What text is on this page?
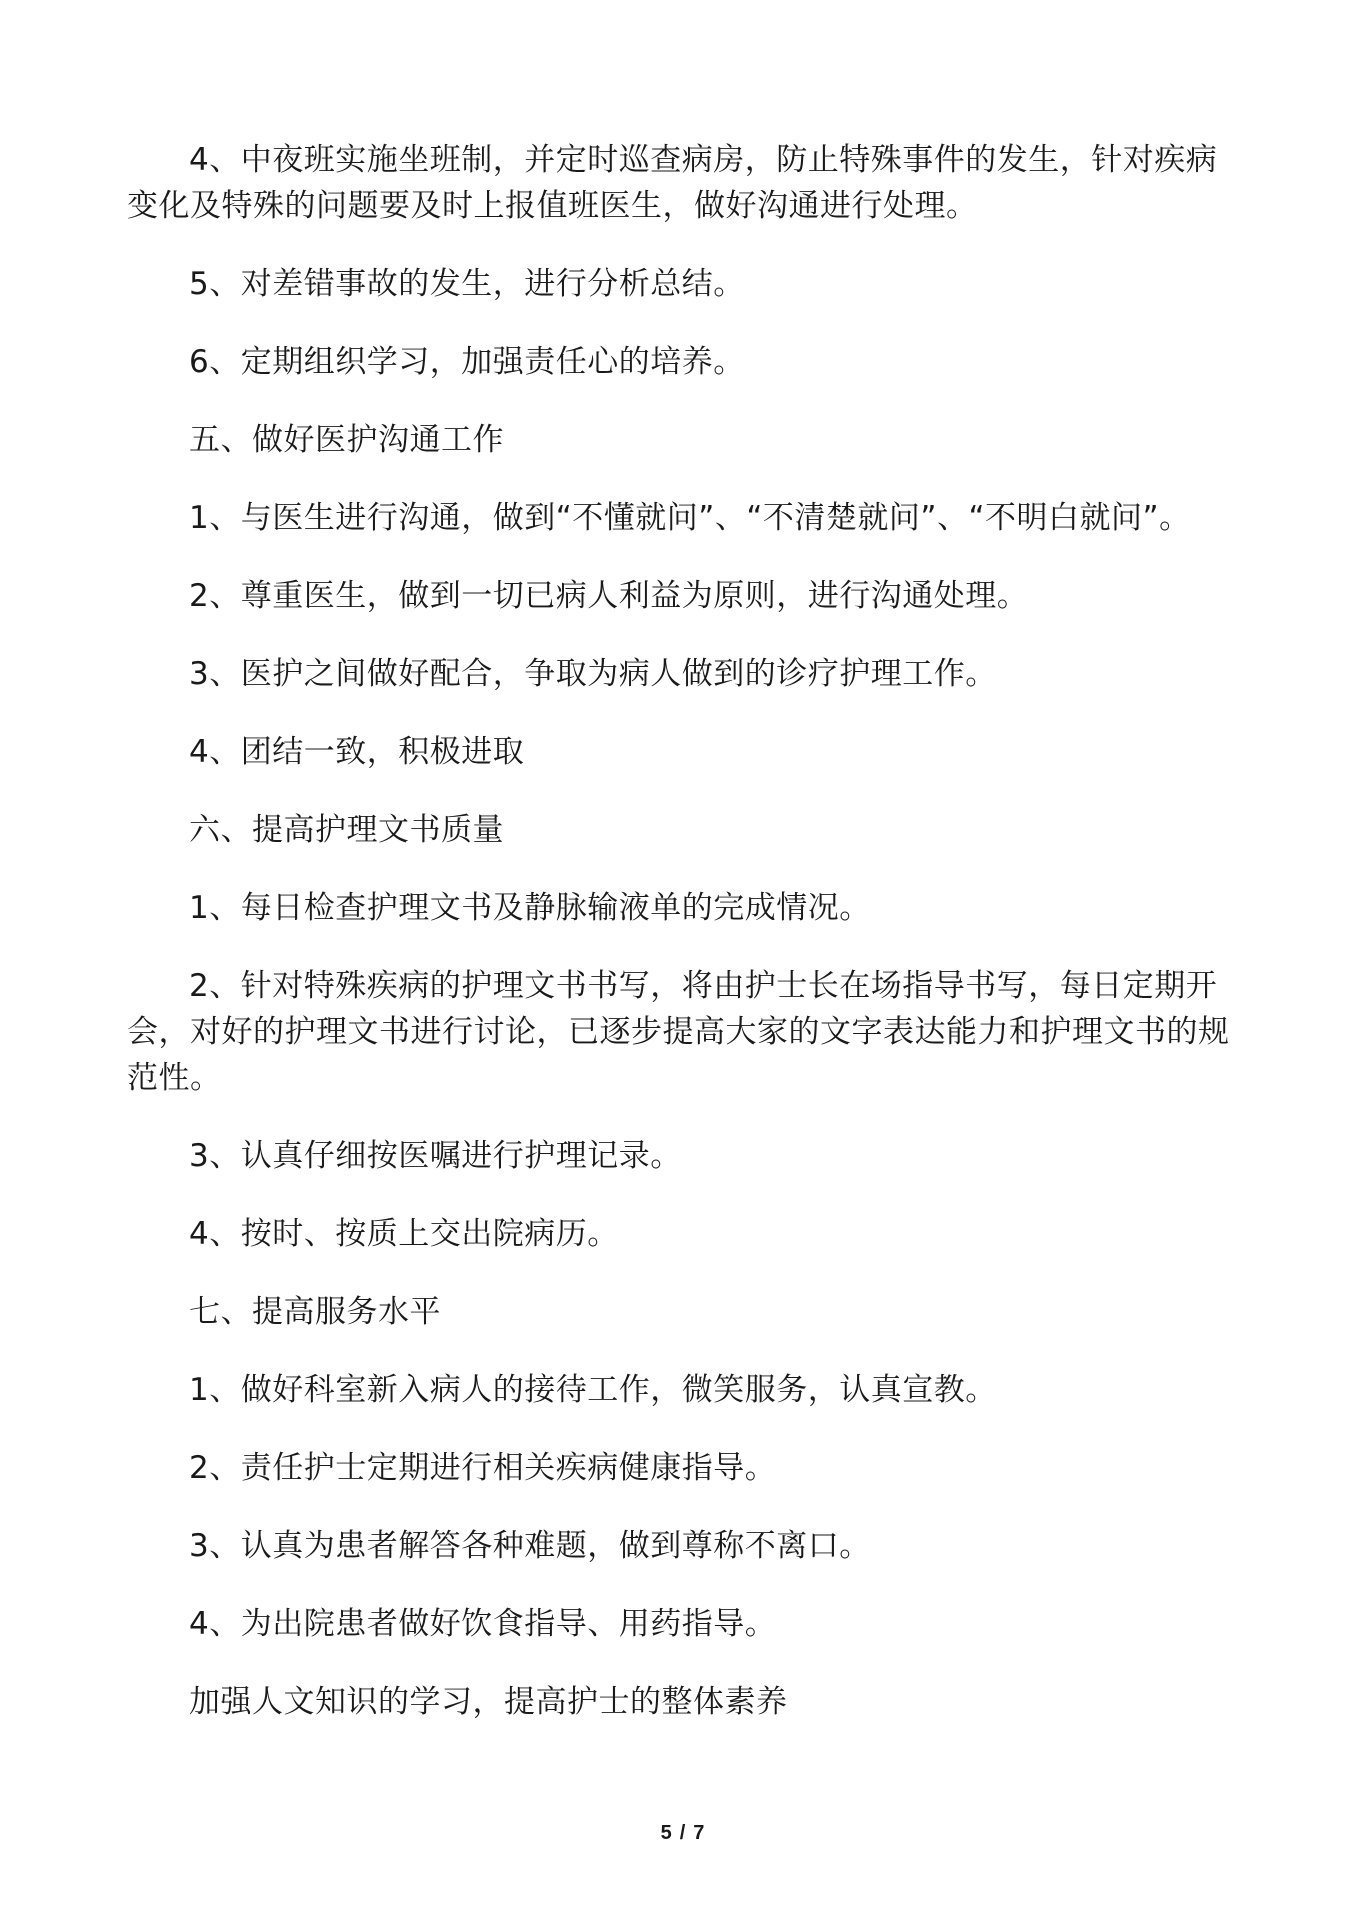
4、中夜班实施坐班制，并定时巡查病房，防止特殊事件的发生，针对疾病变化及特殊的问题要及时上报值班医生，做好沟通进行处理。

5、对差错事故的发生，进行分析总结。

6、定期组织学习，加强责任心的培养。

五、做好医护沟通工作

1、与医生进行沟通，做到“不懂就问”、“不清楚就问”、“不明白就问”。

2、尊重医生，做到一切已病人利益为原则，进行沟通处理。

3、医护之间做好配合，争取为病人做到的诊疗护理工作。

4、团结一致，积极进取

六、提高护理文书质量

1、每日检查护理文书及静脉输液单的完成情况。

2、针对特殊疾病的护理文书书写，将由护士长在场指导书写，每日定期开会，对好的护理文书进行讨论，已逐步提高大家的文字表达能力和护理文书的规范性。

3、认真仔细按医嘱进行护理记录。

4、按时、按质上交出院病历。

七、提高服务水平

1、做好科室新入病人的接待工作，微笑服务，认真宣教。

2、责任护士定期进行相关疾病健康指导。

3、认真为患者解答各种难题，做到尊称不离口。

4、为出院患者做好饮食指导、用药指导。

加强人文知识的学习，提高护士的整体素养

5 / 7
